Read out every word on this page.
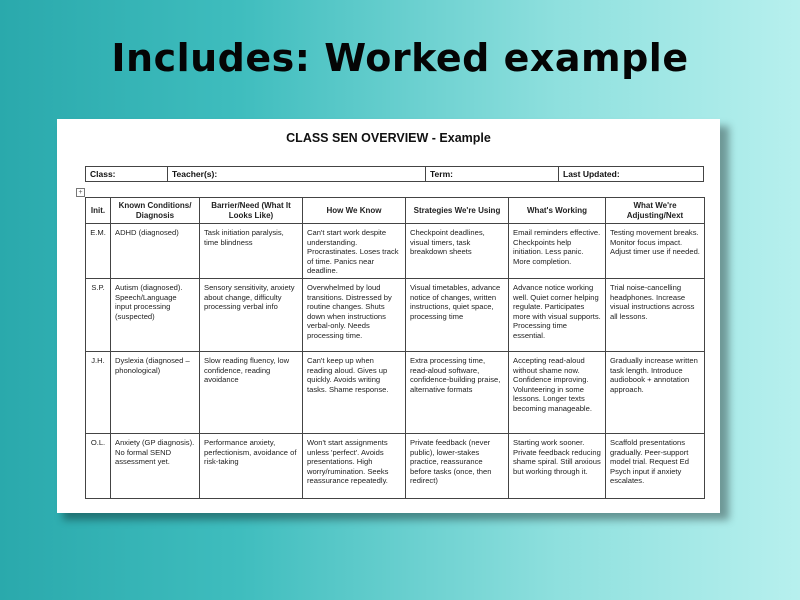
Includes: Worked example
CLASS SEN OVERVIEW - Example
Class:	Teacher(s):	Term:	Last Updated:
+
Init.	Known Conditions/ Diagnosis	Barrier/Need (What It Looks Like)	How We Know	Strategies We're Using	What's Working	What We're Adjusting/Next
E.M.	ADHD (diagnosed)	Task initiation paralysis, time blindness	Can't start work despite understanding. Procrastinates. Loses track of time. Panics near deadline.	Checkpoint deadlines, visual timers, task breakdown sheets	Email reminders effective. Checkpoints help initiation. Less panic. More completion.	Testing movement breaks. Monitor focus impact. Adjust timer use if needed.
S.P.	Autism (diagnosed). Speech/Language input processing (suspected)	Sensory sensitivity, anxiety about change, difficulty processing verbal info	Overwhelmed by loud transitions. Distressed by routine changes. Shuts down when instructions verbal-only. Needs processing time.	Visual timetables, advance notice of changes, written instructions, quiet space, processing time	Advance notice working well. Quiet corner helping regulate. Participates more with visual supports. Processing time essential.	Trial noise-cancelling headphones. Increase visual instructions across all lessons.
J.H.	Dyslexia (diagnosed – phonological)	Slow reading fluency, low confidence, reading avoidance	Can't keep up when reading aloud. Gives up quickly. Avoids writing tasks. Shame response.	Extra processing time, read-aloud software, confidence-building praise, alternative formats	Accepting read-aloud without shame now. Confidence improving. Volunteering in some lessons. Longer texts becoming manageable.	Gradually increase written task length. Introduce audiobook + annotation approach.
O.L.	Anxiety (GP diagnosis). No formal SEND assessment yet.	Performance anxiety, perfectionism, avoidance of risk-taking	Won't start assignments unless 'perfect'. Avoids presentations. High worry/rumination. Seeks reassurance repeatedly.	Private feedback (never public), lower-stakes practice, reassurance before tasks (once, then redirect)	Starting work sooner. Private feedback reducing shame spiral. Still anxious but working through it.	Scaffold presentations gradually. Peer-support model trial. Request Ed Psych input if anxiety escalates.
